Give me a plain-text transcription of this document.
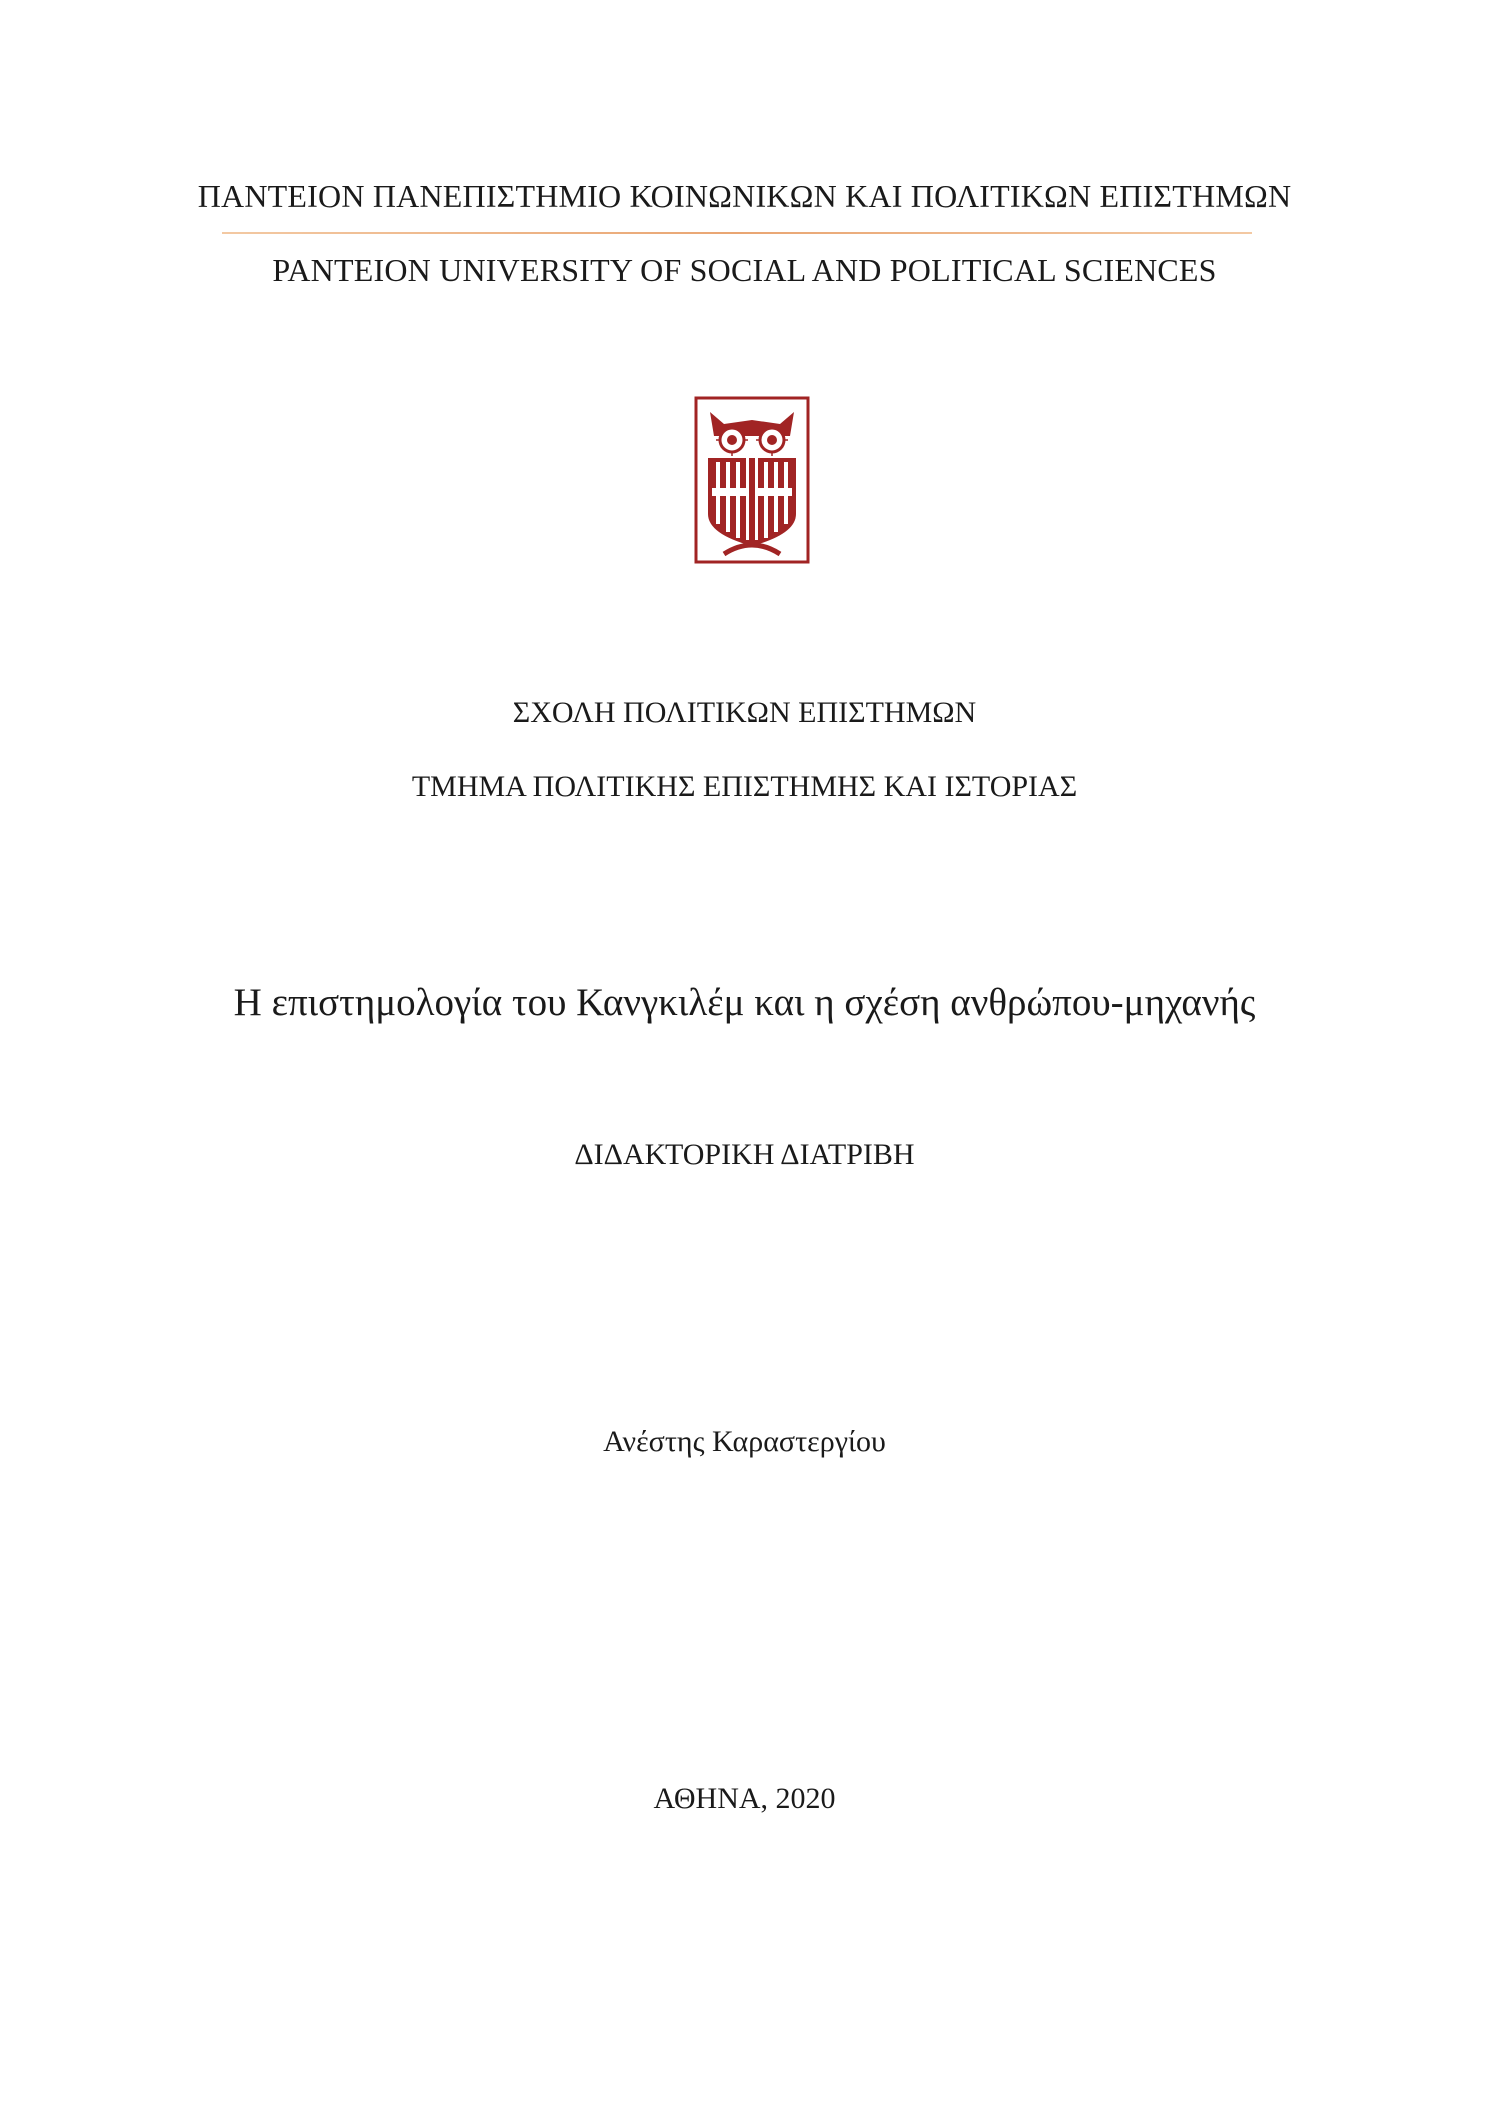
ΠΑΝΤΕΙΟΝ ΠΑΝΕΠΙΣΤΗΜΙΟ ΚΟΙΝΩΝΙΚΩΝ ΚΑΙ ΠΟΛΙΤΙΚΩΝ ΕΠΙΣΤΗΜΩΝ

PANTEION UNIVERSITY OF SOCIAL AND POLITICAL SCIENCES

ΣΧΟΛΗ ΠΟΛΙΤΙΚΩΝ ΕΠΙΣΤΗΜΩΝ

ΤΜΗΜΑ ΠΟΛΙΤΙΚΗΣ ΕΠΙΣΤΗΜΗΣ ΚΑΙ ΙΣΤΟΡΙΑΣ

Η επιστημολογία του Κανγκιλέμ και η σχέση ανθρώπου-μηχανής

ΔΙΔΑΚΤΟΡΙΚΗ ΔΙΑΤΡΙΒΗ

Ανέστης Καραστεργίου

ΑΘΗΝΑ, 2020
